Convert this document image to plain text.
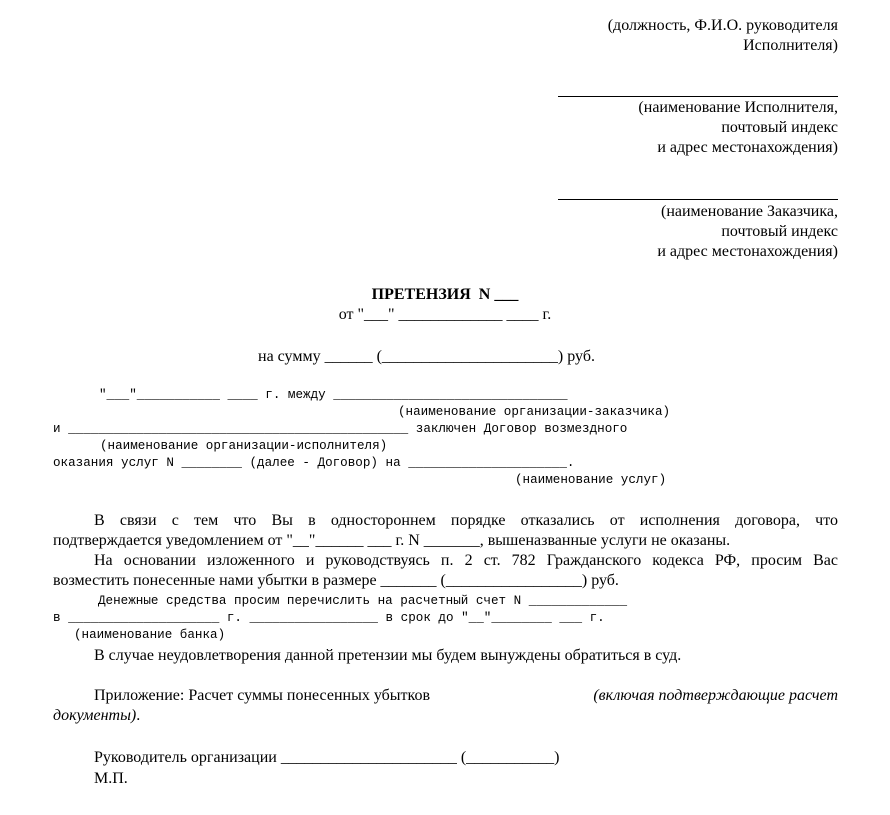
(должность, Ф.И.О. руководителя
Исполнителя)
(наименование Исполнителя,
почтовый индекс
и адрес местонахождения)
(наименование Заказчика,
почтовый индекс
и адрес местонахождения)
ПРЕТЕНЗИЯ  N ___
от "___" _____________ ____ г.
на сумму ______ (______________________) руб.
"___"___________ ____ г. между _______________________________
(наименование организации-заказчика)
и _____________________________________________ заключен Договор возмездного
(наименование организации-исполнителя)
оказания услуг N ________ (далее - Договор) на _____________________.
(наименование услуг)
В связи с тем что Вы в одностороннем порядке отказались от исполнения договора, что
подтверждается уведомлением от "__"______ ___ г. N _______, вышеназванные услуги не оказаны.
На основании изложенного и руководствуясь п. 2 ст. 782 Гражданского кодекса РФ, просим Вас
возместить понесенные нами убытки в размере _______ (_________________) руб.
Денежные средства просим перечислить на расчетный счет N _____________
в ____________________ г. _________________ в срок до "__"________ ___ г.
(наименование банка)
В случае неудовлетворения данной претензии мы будем вынуждены обратиться в суд.
Приложение: Расчет суммы понесенных убытков	(включая подтверждающие расчет
документы).
Руководитель организации ______________________ (___________)
М.П.
